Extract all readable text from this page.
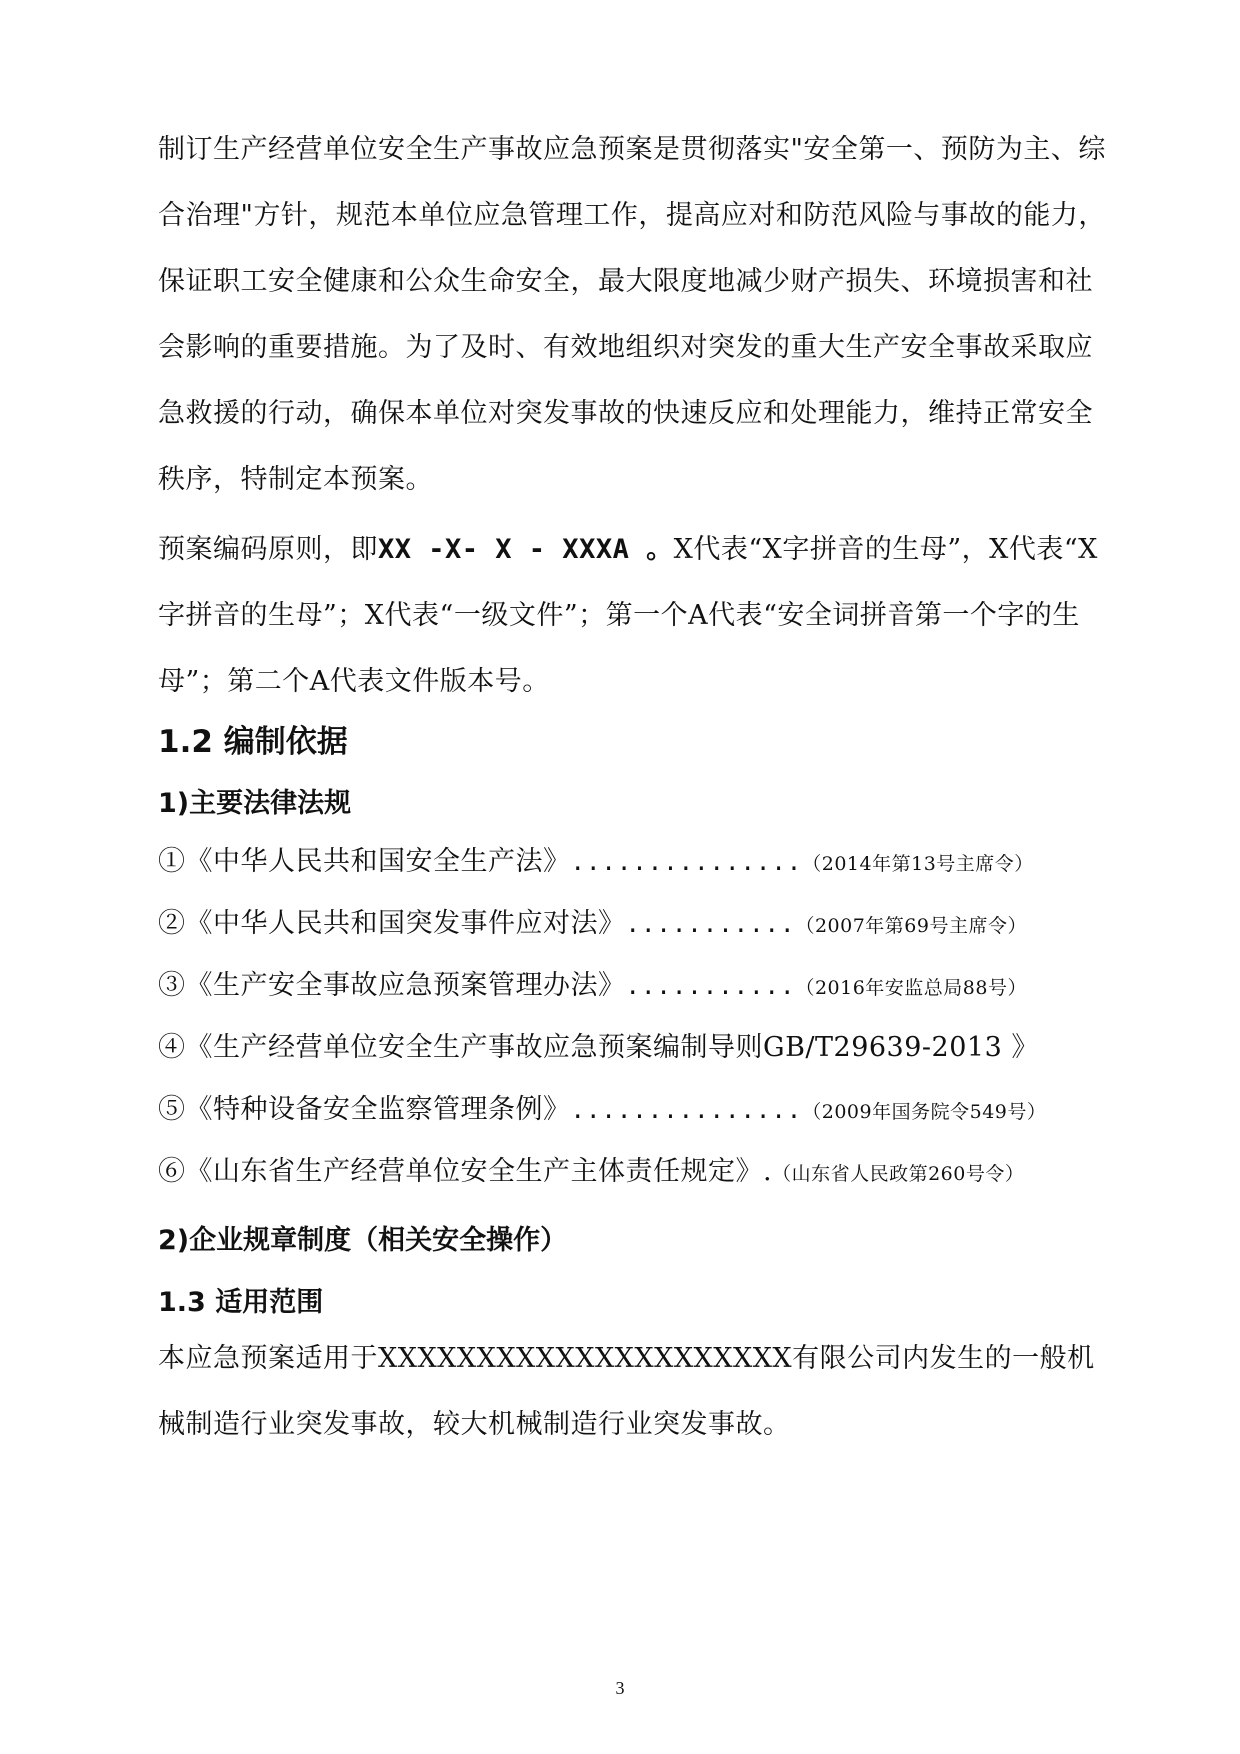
制订生产经营单位安全生产事故应急预案是贯彻落实"安全第一、预防为主、综合治理"方针，规范本单位应急管理工作，提高应对和防范风险与事故的能力，保证职工安全健康和公众生命安全，最大限度地减少财产损失、环境损害和社会影响的重要措施。为了及时、有效地组织对突发的重大生产安全事故采取应急救援的行动，确保本单位对突发事故的快速反应和处理能力，维持正常安全秩序，特制定本预案。

预案编码原则，即XX -X- X - XXXA 。X代表“X字拼音的生母”，X代表“X字拼音的生母”；X代表“一级文件”；第一个A代表“安全词拼音第一个字的生母”；第二个A代表文件版本号。

1.2 编制依据
1)主要法律法规
①《中华人民共和国安全生产法》...............（2014年第13号主席令）
②《中华人民共和国突发事件应对法》...........（2007年第69号主席令）
③《生产安全事故应急预案管理办法》...........（2016年安监总局88号）
④《生产经营单位安全生产事故应急预案编制导则GB/T29639-2013 》
⑤《特种设备安全监察管理条例》...............（2009年国务院令549号）
⑥《山东省生产经营单位安全生产主体责任规定》.（山东省人民政第260号令）
2)企业规章制度（相关安全操作）
1.3 适用范围

本应急预案适用于XXXXXXXXXXXXXXXXXXXXX有限公司内发生的一般机械制造行业突发事故，较大机械制造行业突发事故。

3
